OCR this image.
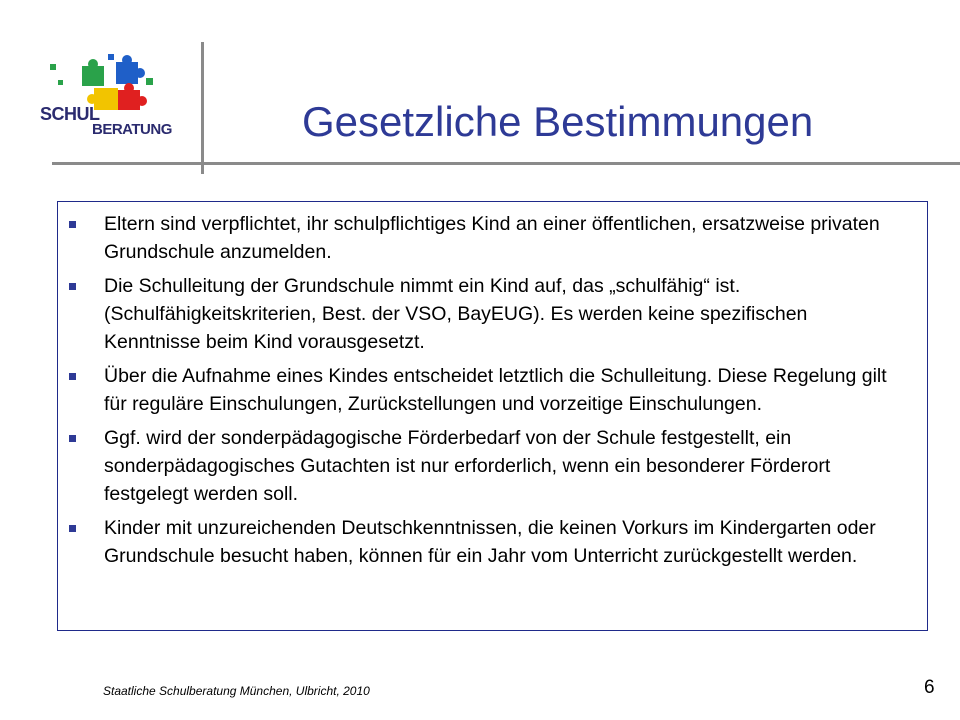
SCHUL
BERATUNG	Gesetzliche Bestimmungen
Eltern sind verpflichtet, ihr schulpflichtiges Kind an einer öffentlichen, ersatzweise privaten Grundschule anzumelden.
Die Schulleitung der Grundschule nimmt ein Kind auf, das „schulfähig“ ist. (Schulfähigkeitskriterien, Best. der VSO, BayEUG). Es werden keine spezifischen Kenntnisse beim Kind vorausgesetzt.
Über die Aufnahme eines Kindes entscheidet letztlich die Schulleitung. Diese Regelung gilt für reguläre Einschulungen, Zurückstellungen und vorzeitige Einschulungen.
Ggf. wird der sonderpädagogische Förderbedarf von der Schule festgestellt, ein sonderpädagogisches Gutachten ist nur erforderlich, wenn ein besonderer Förderort festgelegt werden soll.
Kinder mit unzureichenden Deutschkenntnissen, die keinen Vorkurs im Kindergarten oder Grundschule besucht haben, können für ein Jahr vom Unterricht zurückgestellt werden.
Staatliche Schulberatung München, Ulbricht, 2010	6
